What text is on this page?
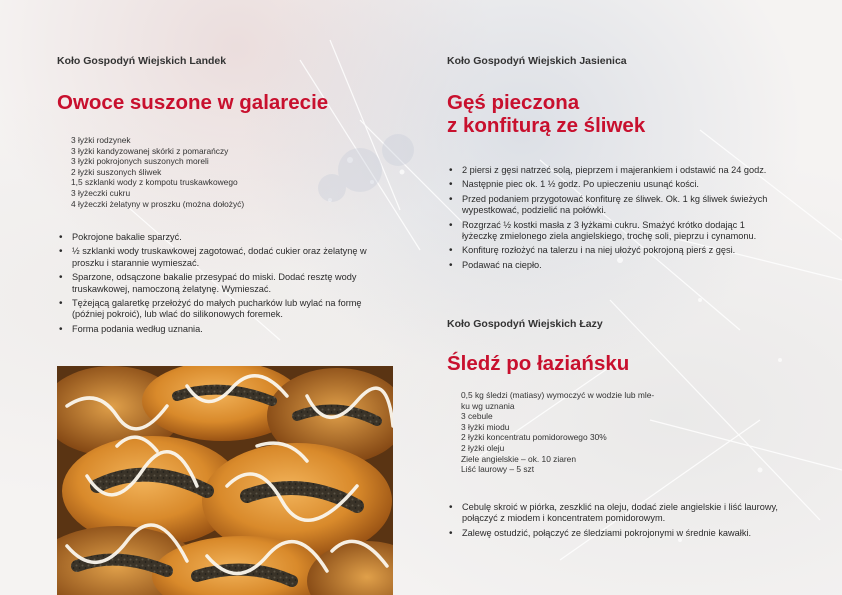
Koło Gospodyń Wiejskich Landek
Owoce suszone w galarecie
3 łyżki rodzynek
3 łyżki kandyzowanej skórki z pomarańczy
3 łyżki pokrojonych suszonych moreli
2 łyżki suszonych śliwek
1,5 szklanki wody z kompotu truskawkowego
3 łyżeczki cukru
4 łyżeczki żelatyny w proszku (można dołożyć)
• Pokrojone bakalie sparzyć.
• ½ szklanki wody truskawkowej zagotować, dodać cukier oraz żelatynę w proszku i starannie wymieszać.
• Sparzone, odsączone bakalie przesypać do miski. Dodać resztę wody truskawkowej, namoczoną żelatynę. Wymieszać.
• Tężejącą galaretkę przełożyć do małych pucharków lub wylać na formę (później pokroić), lub wlać do silikonowych foremek.
• Forma podania według uznania.
Koło Gospodyń Wiejskich Jasienica
Gęś pieczona
z konfiturą ze śliwek
• 2 piersi z gęsi natrzeć solą, pieprzem i majerankiem i odstawić na 24 godz.
• Następnie piec ok. 1 ½ godz. Po upieczeniu usunąć kości.
• Przed podaniem przygotować konfiturę ze śliwek. Ok. 1 kg śliwek świeżych wypestkować, podzielić na połówki.
• Rozgrzać ½ kostki masła z 3 łyżkami cukru. Smażyć krótko dodając 1 łyżeczkę zmielonego ziela angielskiego, trochę soli, pieprzu i cynamonu.
• Konfiturę rozłożyć na talerzu i na niej ułożyć pokrojoną pierś z gęsi.
• Podawać na ciepło.
Koło Gospodyń Wiejskich Łazy
Śledź po łaziańsku
0,5 kg śledzi (matiasy) wymoczyć w wodzie lub mle-
ku wg uznania
3 cebule
3 łyżki miodu
2 łyżki koncentratu pomidorowego 30%
2 łyżki oleju
Ziele angielskie – ok. 10 ziaren
Liść laurowy – 5 szt
• Cebulę skroić w piórka, zeszklić na oleju, dodać ziele angielskie i liść laurowy, połączyć z miodem i koncentratem pomidorowym.
• Zalewę ostudzić, połączyć ze śledziami pokrojonymi w średnie kawałki.
